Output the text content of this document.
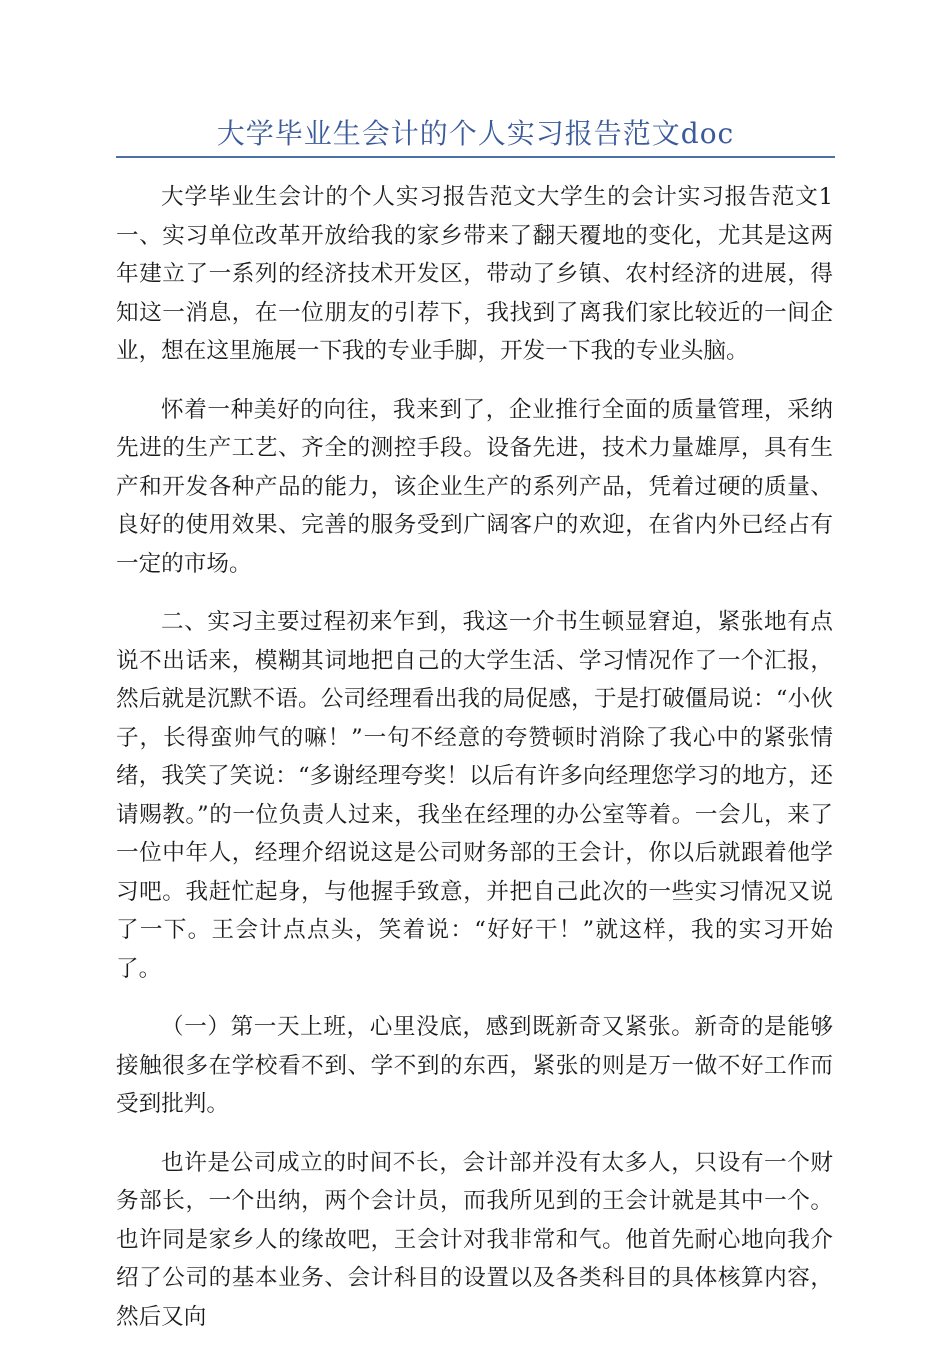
大学毕业生会计的个人实习报告范文doc

大学毕业生会计的个人实习报告范文大学生的会计实习报告范文1一、实习单位改革开放给我的家乡带来了翻天覆地的变化，尤其是这两年建立了一系列的经济技术开发区，带动了乡镇、农村经济的进展，得知这一消息，在一位朋友的引荐下，我找到了离我们家比较近的一间企业，想在这里施展一下我的专业手脚，开发一下我的专业头脑。

怀着一种美好的向往，我来到了，企业推行全面的质量管理，采纳先进的生产工艺、齐全的测控手段。设备先进，技术力量雄厚，具有生产和开发各种产品的能力，该企业生产的系列产品，凭着过硬的质量、良好的使用效果、完善的服务受到广阔客户的欢迎，在省内外已经占有一定的市场。

二、实习主要过程初来乍到，我这一介书生顿显窘迫，紧张地有点说不出话来，模糊其词地把自己的大学生活、学习情况作了一个汇报，然后就是沉默不语。公司经理看出我的局促感，于是打破僵局说：“小伙子，长得蛮帅气的嘛！”一句不经意的夸赞顿时消除了我心中的紧张情绪，我笑了笑说：“多谢经理夸奖！以后有许多向经理您学习的地方，还请赐教。”的一位负责人过来，我坐在经理的办公室等着。一会儿，来了一位中年人，经理介绍说这是公司财务部的王会计，你以后就跟着他学习吧。我赶忙起身，与他握手致意，并把自己此次的一些实习情况又说了一下。王会计点点头，笑着说：“好好干！”就这样，我的实习开始了。

（一）第一天上班，心里没底，感到既新奇又紧张。新奇的是能够接触很多在学校看不到、学不到的东西，紧张的则是万一做不好工作而受到批判。

也许是公司成立的时间不长，会计部并没有太多人，只设有一个财务部长，一个出纳，两个会计员，而我所见到的王会计就是其中一个。也许同是家乡人的缘故吧，王会计对我非常和气。他首先耐心地向我介绍了公司的基本业务、会计科目的设置以及各类科目的具体核算内容，然后又向
